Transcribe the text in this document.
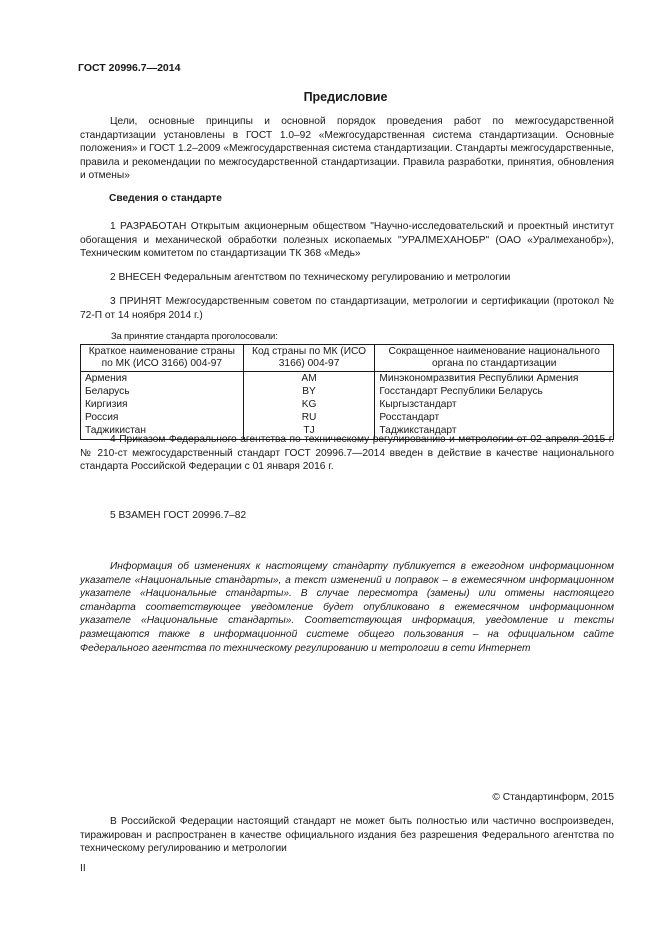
ГОСТ 20996.7—2014
Предисловие
Цели, основные принципы и основной порядок проведения работ по межгосударственной стандартизации установлены в ГОСТ 1.0–92 «Межгосударственная система стандартизации. Основные положения» и ГОСТ 1.2–2009 «Межгосударственная система стандартизации. Стандарты межгосударственные, правила и рекомендации по межгосударственной стандартизации. Правила разработки, принятия, обновления и отмены»
Сведения о стандарте
1 РАЗРАБОТАН Открытым акционерным обществом "Научно-исследовательский и проектный институт обогащения и механической обработки полезных ископаемых "УРАЛМЕХАНОБР" (ОАО «Уралмеханобр»), Техническим комитетом по стандартизации ТК 368 «Медь»
2 ВНЕСЕН Федеральным агентством по техническому регулированию и метрологии
3 ПРИНЯТ Межгосударственным советом по стандартизации, метрологии и сертификации (протокол № 72-П от 14 ноября 2014 г.)
За принятие стандарта проголосовали:
Краткое наименование страны по МК (ИСО 3166) 004-97	Код страны по МК (ИСО 3166) 004-97	Сокращенное наименование национального органа по стандартизации
Армения	AM	Минэкономразвития Республики Армения
Беларусь	BY	Госстандарт Республики Беларусь
Киргизия	KG	Кыргызстандарт
Россия	RU	Росстандарт
Таджикистан	TJ	Таджикстандарт
4 Приказом Федерального агентства по техническому регулированию и метрологии от 02 апреля 2015 г. № 210-ст межгосударственный стандарт ГОСТ 20996.7—2014 введен в действие в качестве национального стандарта Российской Федерации с 01 января 2016 г.
5 ВЗАМЕН ГОСТ 20996.7–82
Информация об изменениях к настоящему стандарту публикуется в ежегодном информационном указателе «Национальные стандарты», а текст изменений и поправок – в ежемесячном информационном указателе «Национальные стандарты». В случае пересмотра (замены) или отмены настоящего стандарта соответствующее уведомление будет опубликовано в ежемесячном информационном указателе «Национальные стандарты». Соответствующая информация, уведомление и тексты размещаются также в информационной системе общего пользования – на официальном сайте Федерального агентства по техническому регулированию и метрологии в сети Интернет
© Стандартинформ, 2015
В Российской Федерации настоящий стандарт не может быть полностью или частично воспроизведен, тиражирован и распространен в качестве официального издания без разрешения Федерального агентства по техническому регулированию и метрологии
II
